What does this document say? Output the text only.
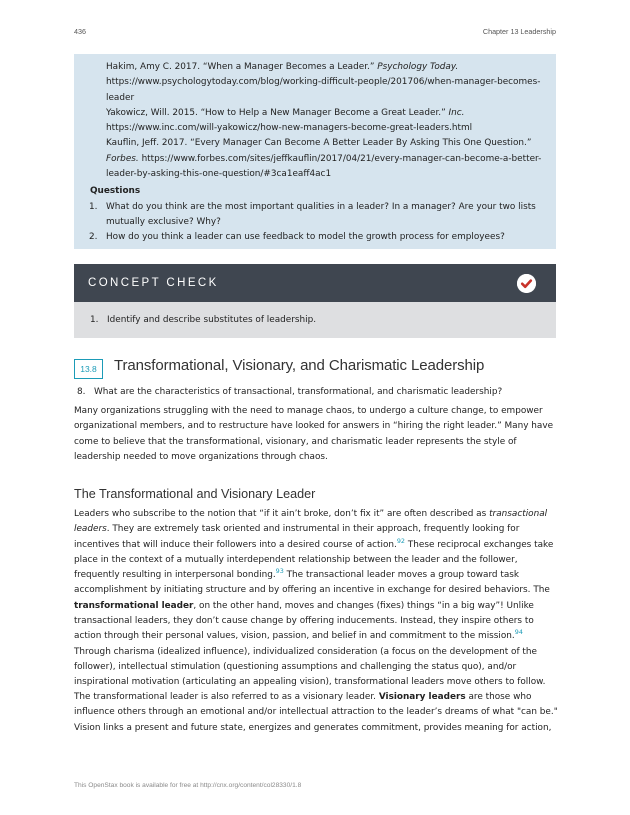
436	Chapter 13 Leadership

Hakim, Amy C. 2017. “When a Manager Becomes a Leader.” Psychology Today.
https://www.psychologytoday.com/blog/working-difficult-people/201706/when-manager-becomes-leader

Yakowicz, Will. 2015. “How to Help a New Manager Become a Great Leader.” Inc.
https://www.inc.com/will-yakowicz/how-new-managers-become-great-leaders.html

Kauflin, Jeff. 2017. “Every Manager Can Become A Better Leader By Asking This One Question.”
Forbes. https://www.forbes.com/sites/jeffkauflin/2017/04/21/every-manager-can-become-a-better-leader-by-asking-this-one-question/#3ca1eaff4ac1

Questions

1. What do you think are the most important qualities in a leader? In a manager? Are your two lists mutually exclusive? Why?
2. How do you think a leader can use feedback to model the growth process for employees?
CONCEPT CHECK
1. Identify and describe substitutes of leadership.
13.8	Transformational, Visionary, and Charismatic Leadership
8. What are the characteristics of transactional, transformational, and charismatic leadership?

Many organizations struggling with the need to manage chaos, to undergo a culture change, to empower organizational members, and to restructure have looked for answers in “hiring the right leader.” Many have come to believe that the transformational, visionary, and charismatic leader represents the style of leadership needed to move organizations through chaos.

The Transformational and Visionary Leader

Leaders who subscribe to the notion that “if it ain’t broke, don’t fix it” are often described as transactional leaders. They are extremely task oriented and instrumental in their approach, frequently looking for incentives that will induce their followers into a desired course of action.$^{92}$ These reciprocal exchanges take place in the context of a mutually interdependent relationship between the leader and the follower, frequently resulting in interpersonal bonding.$^{93}$ The transactional leader moves a group toward task accomplishment by initiating structure and by offering an incentive in exchange for desired behaviors. The transformational leader, on the other hand, moves and changes (fixes) things “in a big way”! Unlike transactional leaders, they don’t cause change by offering inducements. Instead, they inspire others to action through their personal values, vision, passion, and belief in and commitment to the mission.$^{94}$ Through charisma (idealized influence), individualized consideration (a focus on the development of the follower), intellectual stimulation (questioning assumptions and challenging the status quo), and/or inspirational motivation (articulating an appealing vision), transformational leaders move others to follow.

The transformational leader is also referred to as a visionary leader. Visionary leaders are those who influence others through an emotional and/or intellectual attraction to the leader’s dreams of what "can be." Vision links a present and future state, energizes and generates commitment, provides meaning for action,

This OpenStax book is available for free at http://cnx.org/content/col28330/1.8
